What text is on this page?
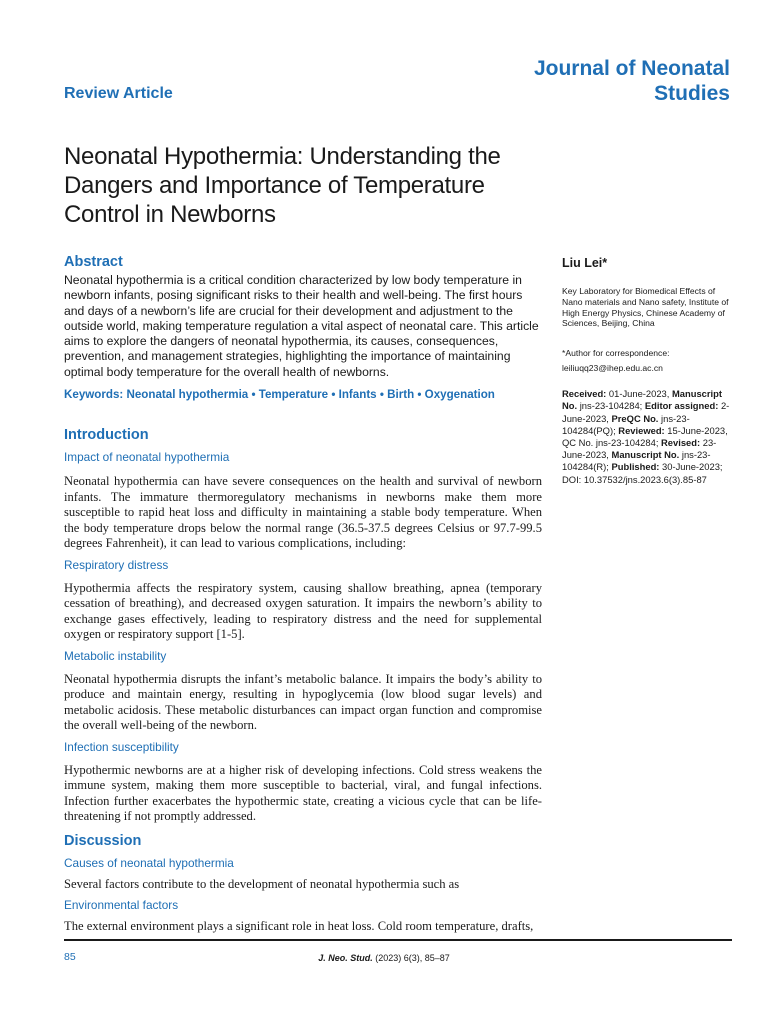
Journal of Neonatal
Studies
Review Article
Neonatal Hypothermia: Understanding the Dangers and Importance of Temperature Control in Newborns
Abstract

Neonatal hypothermia is a critical condition characterized by low body temperature in newborn infants, posing significant risks to their health and well-being. The first hours and days of a newborn’s life are crucial for their development and adjustment to the outside world, making temperature regulation a vital aspect of neonatal care. This article aims to explore the dangers of neonatal hypothermia, its causes, consequences, prevention, and management strategies, highlighting the importance of maintaining optimal body temperature for the overall health of newborns.

Keywords: Neonatal hypothermia • Temperature • Infants • Birth • Oxygenation

Introduction

Impact of neonatal hypothermia

Neonatal hypothermia can have severe consequences on the health and survival of newborn infants. The immature thermoregulatory mechanisms in newborns make them more susceptible to rapid heat loss and difficulty in maintaining a stable body temperature. When the body temperature drops below the normal range (36.5-37.5 degrees Celsius or 97.7-99.5 degrees Fahrenheit), it can lead to various complications, including:

Respiratory distress

Hypothermia affects the respiratory system, causing shallow breathing, apnea (temporary cessation of breathing), and decreased oxygen saturation. It impairs the newborn’s ability to exchange gases effectively, leading to respiratory distress and the need for supplemental oxygen or respiratory support [1-5].

Metabolic instability

Neonatal hypothermia disrupts the infant’s metabolic balance. It impairs the body’s ability to produce and maintain energy, resulting in hypoglycemia (low blood sugar levels) and metabolic acidosis. These metabolic disturbances can impact organ function and compromise the overall well-being of the newborn.

Infection susceptibility

Hypothermic newborns are at a higher risk of developing infections. Cold stress weakens the immune system, making them more susceptible to bacterial, viral, and fungal infections. Infection further exacerbates the hypothermic state, creating a vicious cycle that can be life-threatening if not promptly addressed.

Discussion

Causes of neonatal hypothermia

Several factors contribute to the development of neonatal hypothermia such as

Environmental factors

The external environment plays a significant role in heat loss. Cold room temperature, drafts,

Liu Lei*

Key Laboratory for Biomedical Effects of Nano materials and Nano safety, Institute of High Energy Physics, Chinese Academy of Sciences, Beijing, China

*Author for correspondence:

leiliuqq23@ihep.edu.ac.cn

Received: 01-June-2023, Manuscript No. jns-23-104284; Editor assigned: 2-June-2023, PreQC No. jns-23-104284(PQ); Reviewed: 15-June-2023, QC No. jns-23-104284; Revised: 23-June-2023, Manuscript No. jns-23-104284(R); Published: 30-June-2023; DOI: 10.37532/jns.2023.6(3).85-87

85	J. Neo. Stud. (2023) 6(3), 85–87
